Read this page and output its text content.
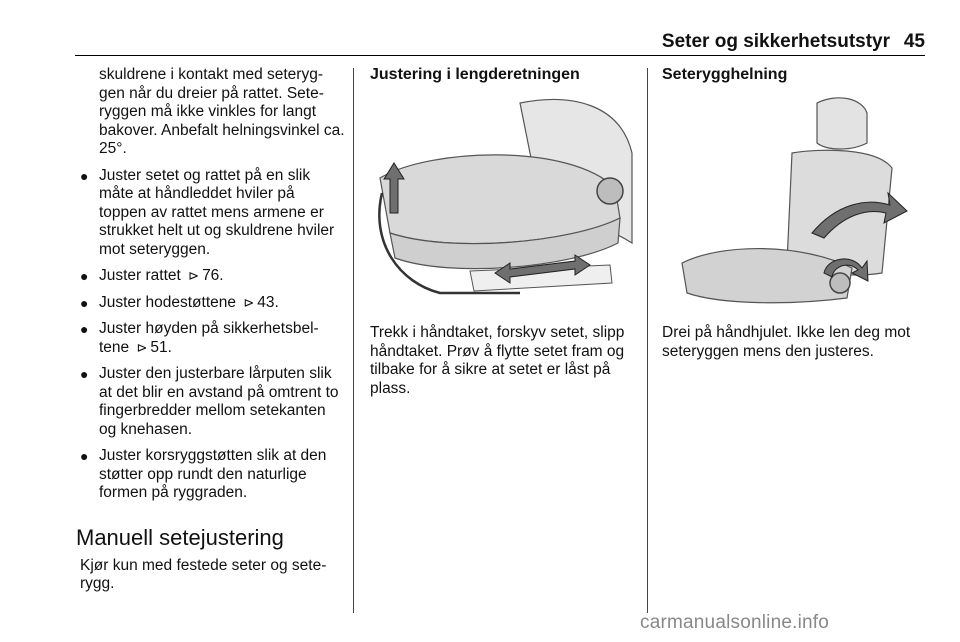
Seter og sikkerhetsutstyr 45

skuldrene i kontakt med seteryg-gen når du dreier på rattet. Sete-ryggen må ikke vinkles for langt bakover. Anbefalt helningsvinkel ca. 25°.

● Juster setet og rattet på en slik måte at håndleddet hviler på toppen av rattet mens armene er strukket helt ut og skuldrene hviler mot seteryggen.
● Juster rattet ⊳ 76.
● Juster hodestøttene ⊳ 43.
● Juster høyden på sikkerhetsbel-tene ⊳ 51.
● Juster den justerbare lårputen slik at det blir en avstand på omtrent to fingerbredder mellom setekanten og knehasen.
● Juster korsryggstøtten slik at den støtter opp rundt den naturlige formen på ryggraden.
Manuell setejustering

Kjør kun med festede seter og sete-rygg.

Justering i lengderetningen

Trekk i håndtaket, forskyv setet, slipp håndtaket. Prøv å flytte setet fram og tilbake for å sikre at setet er låst på plass.

Seterygghelning

Drei på håndhjulet. Ikke len deg mot seteryggen mens den justeres.

carmanualsonline.info
